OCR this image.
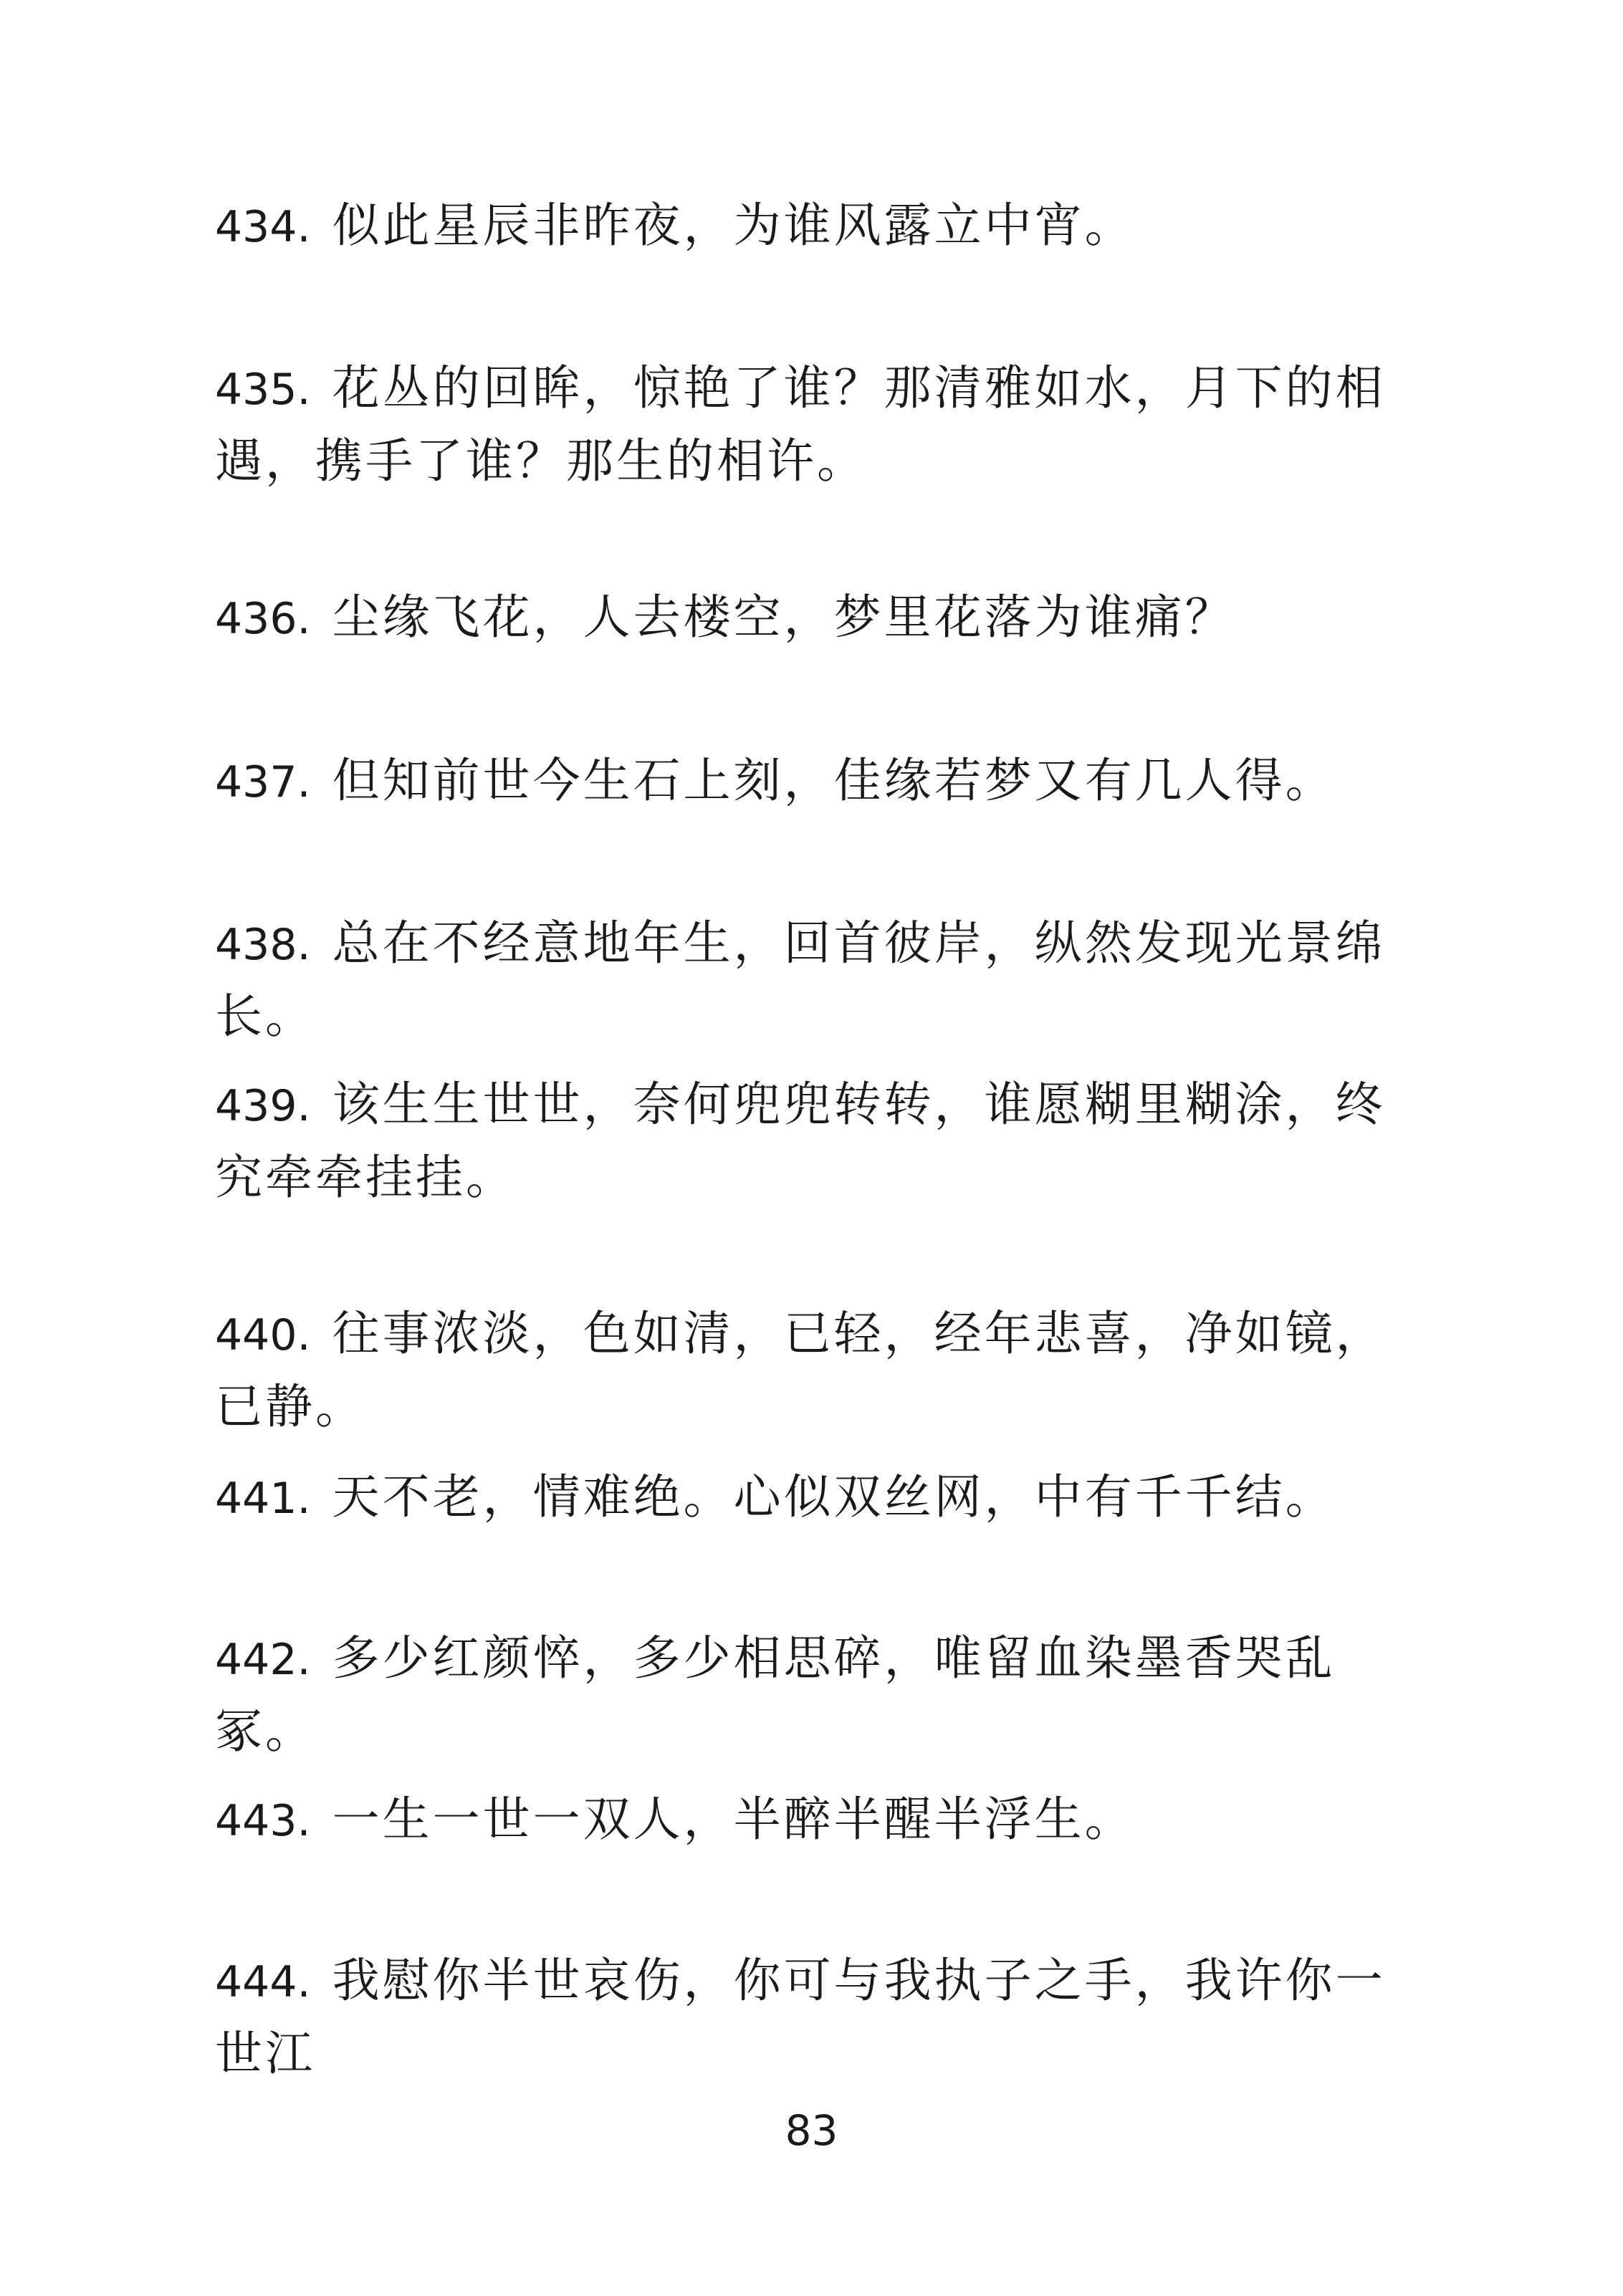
434. 似此星辰非昨夜，为谁风露立中宵。
435. 花丛的回眸，惊艳了谁？那清雅如水，月下的相遇，携手了谁？那生的相许。
436. 尘缘飞花，人去楼空，梦里花落为谁痛？
437. 但知前世今生石上刻，佳缘若梦又有几人得。
438. 总在不经意地年生，回首彼岸，纵然发现光景绵长。
439. 该生生世世，奈何兜兜转转，谁愿糊里糊涂，终究牵牵挂挂。
440. 往事浓淡，色如清，已轻，经年悲喜，净如镜，已静。
441. 天不老，情难绝。心似双丝网，中有千千结。
442. 多少红颜悴，多少相思碎，唯留血染墨香哭乱冢。
443. 一生一世一双人，半醉半醒半浮生。
444. 我慰你半世哀伤，你可与我执子之手，我许你一世江
83
